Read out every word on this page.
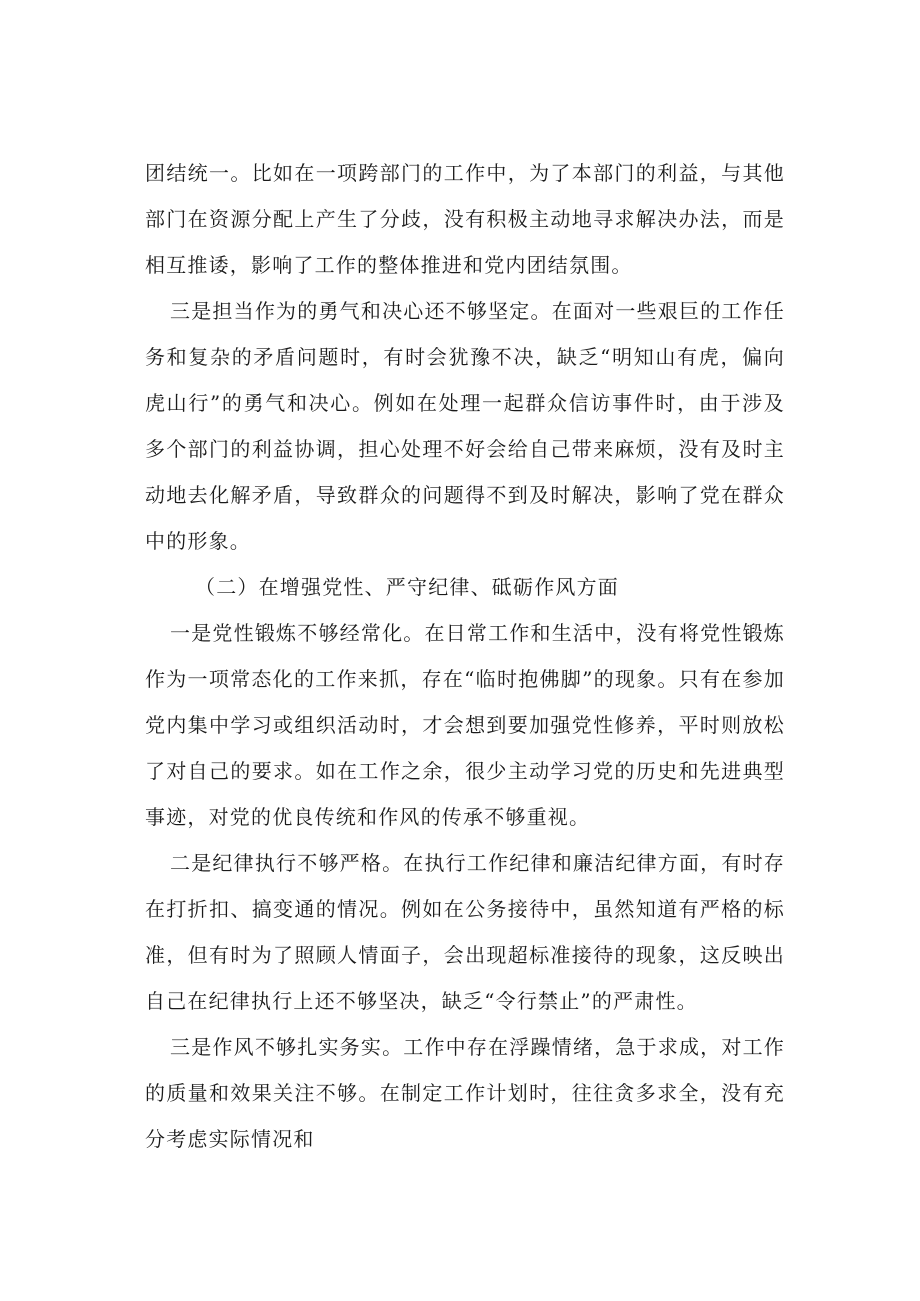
团结统一。比如在一项跨部门的工作中，为了本部门的利益，与其他部门在资源分配上产生了分歧，没有积极主动地寻求解决办法，而是相互推诿，影响了工作的整体推进和党内团结氛围。

三是担当作为的勇气和决心还不够坚定。在面对一些艰巨的工作任务和复杂的矛盾问题时，有时会犹豫不决，缺乏“明知山有虎，偏向虎山行”的勇气和决心。例如在处理一起群众信访事件时，由于涉及多个部门的利益协调，担心处理不好会给自己带来麻烦，没有及时主动地去化解矛盾，导致群众的问题得不到及时解决，影响了党在群众中的形象。

（二）在增强党性、严守纪律、砥砺作风方面

一是党性锻炼不够经常化。在日常工作和生活中，没有将党性锻炼作为一项常态化的工作来抓，存在“临时抱佛脚”的现象。只有在参加党内集中学习或组织活动时，才会想到要加强党性修养，平时则放松了对自己的要求。如在工作之余，很少主动学习党的历史和先进典型事迹，对党的优良传统和作风的传承不够重视。

二是纪律执行不够严格。在执行工作纪律和廉洁纪律方面，有时存在打折扣、搞变通的情况。例如在公务接待中，虽然知道有严格的标准，但有时为了照顾人情面子，会出现超标准接待的现象，这反映出自己在纪律执行上还不够坚决，缺乏“令行禁止”的严肃性。

三是作风不够扎实务实。工作中存在浮躁情绪，急于求成，对工作的质量和效果关注不够。在制定工作计划时，往往贪多求全，没有充分考虑实际情况和
